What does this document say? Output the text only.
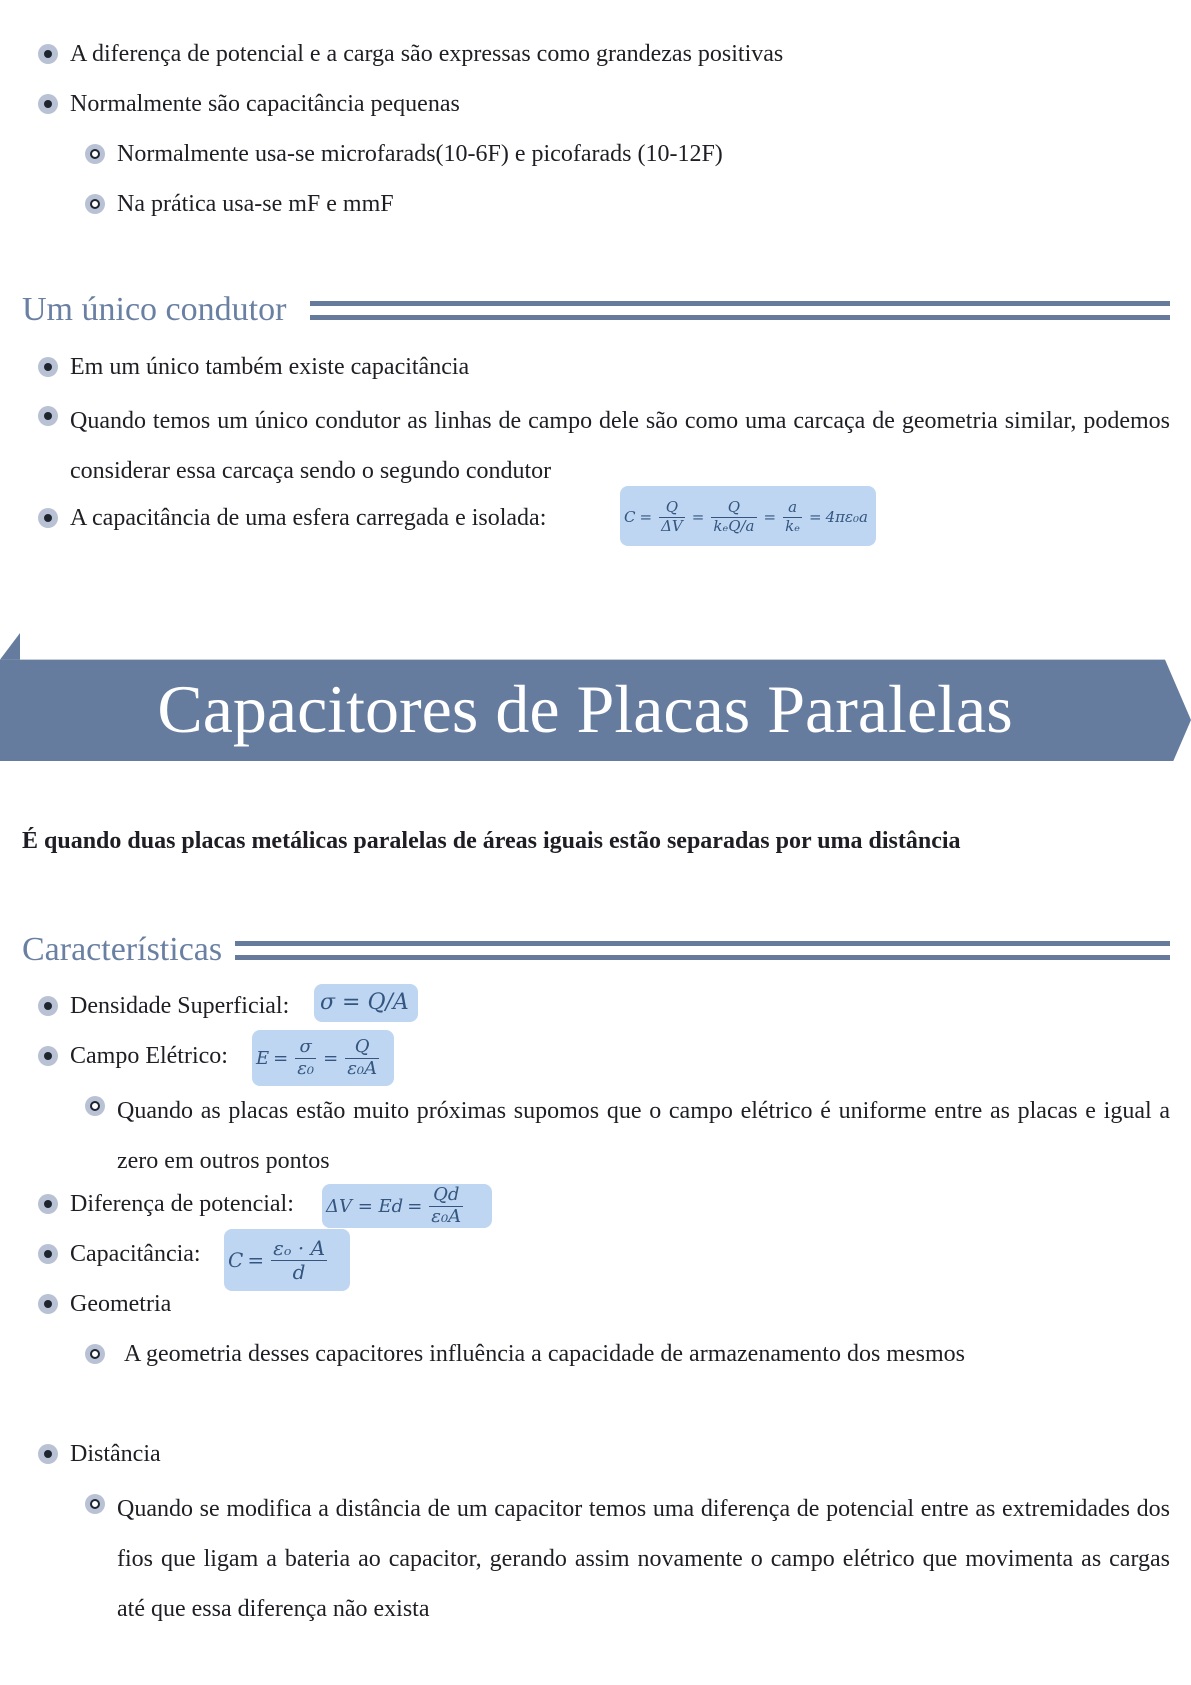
A diferença de potencial e a carga são expressas como grandezas positivas
Normalmente são capacitância pequenas
Normalmente usa-se microfarads(10-6F) e picofarads (10-12F)
Na prática usa-se mF e mmF
Um único condutor
Em um único também existe capacitância
Quando temos um único condutor as linhas de campo dele são como uma carcaça de geometria similar, podemos considerar essa carcaça sendo o segundo condutor
A capacitância de uma esfera carregada e isolada:	$C = \frac{Q}{\Delta V} = \frac{Q}{\text{kₑQ/a}} = \frac{a}{\text{kₑ}} = 4\pi\varepsilon_0a$
Capacitores de Placas Paralelas
É quando duas placas metálicas paralelas de áreas iguais estão separadas por uma distância
Características
Densidade Superficial: σ = Q/A
Campo Elétrico: $E = \frac{\sigma}{\text{ε₀}} = \frac{Q}{\text{ε₀A}}$
Quando as placas estão muito próximas supomos que o campo elétrico é uniforme entre as placas e igual a zero em outros pontos
Diferença de potencial: $\Delta V = Ed = \frac{Qd}{\text{ε₀A}}$
Capacitância: $C = \frac{\text{εₒ · A}}{d}$
Geometria
A geometria desses capacitores influência a capacidade de armazenamento dos mesmos
Distância
Quando se modifica a distância de um capacitor temos uma diferença de potencial entre as extremidades dos fios que ligam a bateria ao capacitor, gerando assim novamente o campo elétrico que movimenta as cargas até que essa diferença não exista
